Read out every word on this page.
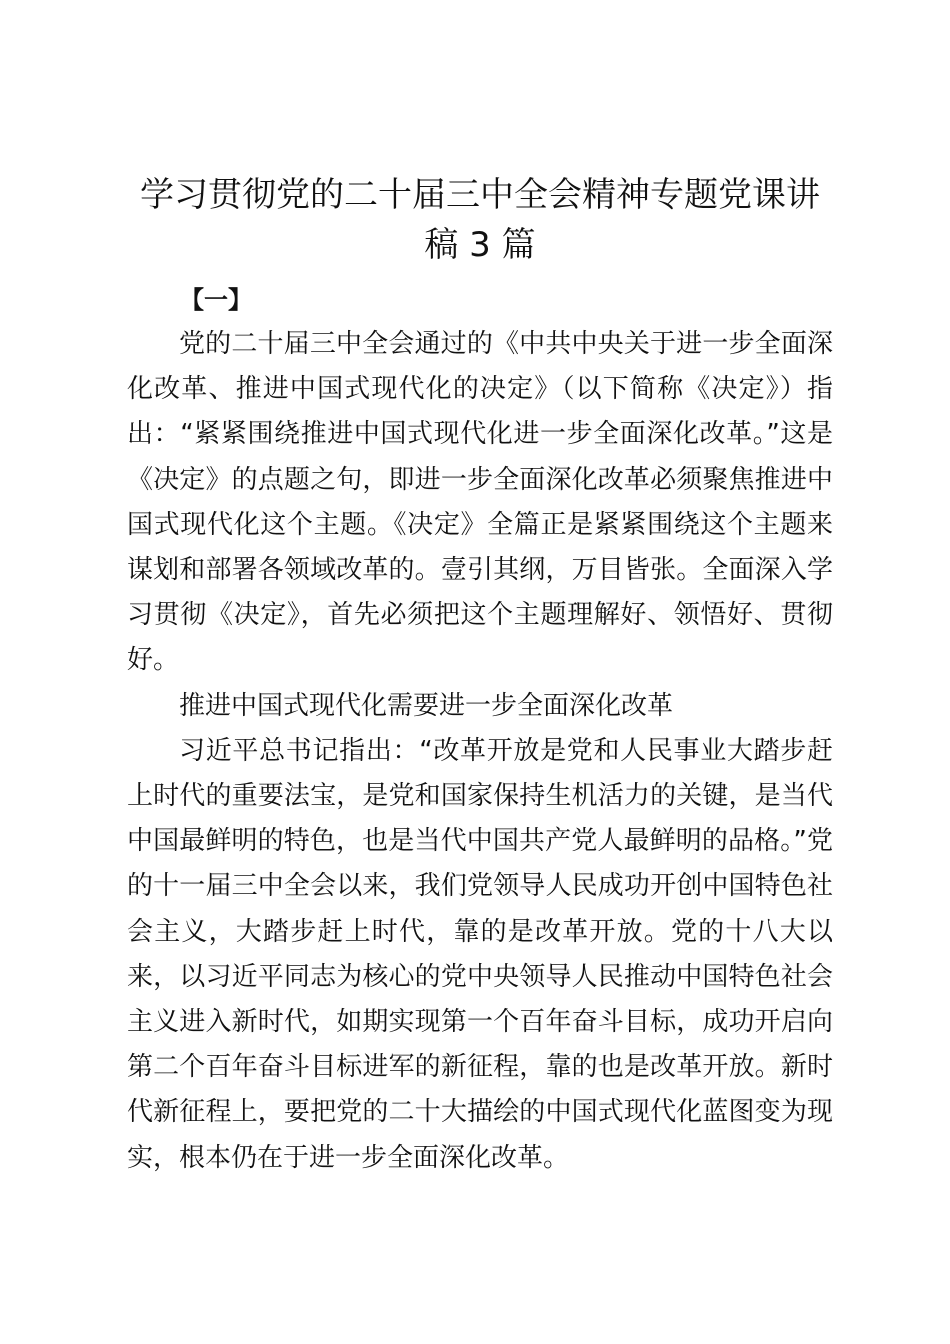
学习贯彻党的二十届三中全会精神专题党课讲
稿 3 篇
【一】

党的二十届三中全会通过的《中共中央关于进一步全面深化改革、推进中国式现代化的决定》（以下简称《决定》）指出：“紧紧围绕推进中国式现代化进一步全面深化改革。”这是《决定》的点题之句，即进一步全面深化改革必须聚焦推进中国式现代化这个主题。《决定》全篇正是紧紧围绕这个主题来谋划和部署各领域改革的。壹引其纲，万目皆张。全面深入学习贯彻《决定》，首先必须把这个主题理解好、领悟好、贯彻好。

推进中国式现代化需要进一步全面深化改革

习近平总书记指出：“改革开放是党和人民事业大踏步赶上时代的重要法宝，是党和国家保持生机活力的关键，是当代中国最鲜明的特色，也是当代中国共产党人最鲜明的品格。”党的十一届三中全会以来，我们党领导人民成功开创中国特色社会主义，大踏步赶上时代，靠的是改革开放。党的十八大以来，以习近平同志为核心的党中央领导人民推动中国特色社会主义进入新时代，如期实现第一个百年奋斗目标，成功开启向第二个百年奋斗目标进军的新征程，靠的也是改革开放。新时代新征程上，要把党的二十大描绘的中国式现代化蓝图变为现实，根本仍在于进一步全面深化改革。
